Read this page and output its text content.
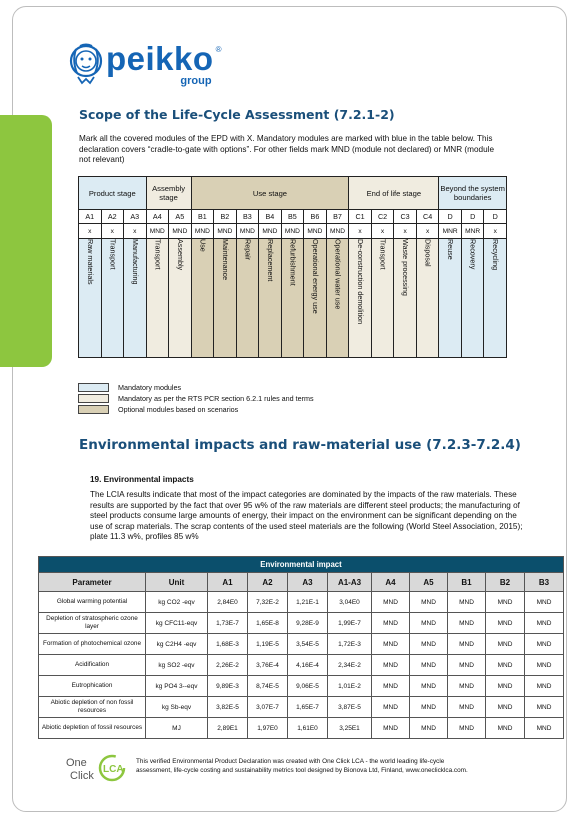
peikko ®
group
Scope of the Life-Cycle Assessment (7.2.1-2)
Mark all the covered modules of the EPD with X. Mandatory modules are marked with blue in the table below. This declaration covers “cradle-to-gate with options”. For other fields mark MND (module not declared) or MNR (module not relevant)
Product stage			Assembly stage		Use stage							End of life stage				Beyond the system boundaries		
A1	A2	A3	A4	A5	B1	B2	B3	B4	B5	B6	B7	C1	C2	C3	C4	D	D	D
x	x	x	MND	MND	MND	MND	MND	MND	MND	MND	MND	x	x	x	x	MNR	MNR	x

Raw materials	Transport	Manufacturing	Transport	Assembly	Use	Maintenance	Repair	Replacement	Refurbishment	Operational energy use	Operational water use	De-construction demolition	Transport	Waste processing	Disposal	Reuse	Recovery	Recycling
Mandatory modules
Mandatory as per the RTS PCR section 6.2.1 rules and terms
Optional modules based on scenarios
Environmental impacts and raw-material use (7.2.3-7.2.4)
19. Environmental impacts
The LCIA results indicate that most of the impact categories are dominated by the impacts of the raw materials. These results are supported by the fact that over 95 w% of the raw materials are different steel products; the manufacturing of steel products consume large amounts of energy, their impact on the environment can be significant depending on the use of scrap materials. The scrap contents of the used steel materials are the following (World Steel Association, 2015); plate 11.3 w%, profiles 85 w%
Environmental impact										
Parameter	Unit	A1	A2	A3	A1-A3	A4	A5	B1	B2	B3
Global warming potential	kg CO2 -eqv	2,84E0	7,32E-2	1,21E-1	3,04E0	MND	MND	MND	MND	MND
Depletion of stratospheric ozone layer	kg CFC11-eqv	1,73E-7	1,65E-8	9,28E-9	1,99E-7	MND	MND	MND	MND	MND
Formation of photochemical ozone	kg C2H4 -eqv	1,68E-3	1,19E-5	3,54E-5	1,72E-3	MND	MND	MND	MND	MND
Acidification	kg SO2 -eqv	2,26E-2	3,76E-4	4,16E-4	2,34E-2	MND	MND	MND	MND	MND
Eutrophication	kg PO4 3--eqv	9,89E-3	8,74E-5	9,06E-5	1,01E-2	MND	MND	MND	MND	MND
Abiotic depletion of non fossil resources	kg Sb-eqv	3,82E-5	3,07E-7	1,65E-7	3,87E-5	MND	MND	MND	MND	MND
Abiotic depletion of fossil resources	MJ	2,89E1	1,97E0	1,61E0	3,25E1	MND	MND	MND	MND	MND
One
Click
LCA
This verified Environmental Product Declaration was created with One Click LCA - the world leading life-cycle
assessment, life-cycle costing and sustainability metrics tool designed by Bionova Ltd, Finland, www.oneclicklca.com.
